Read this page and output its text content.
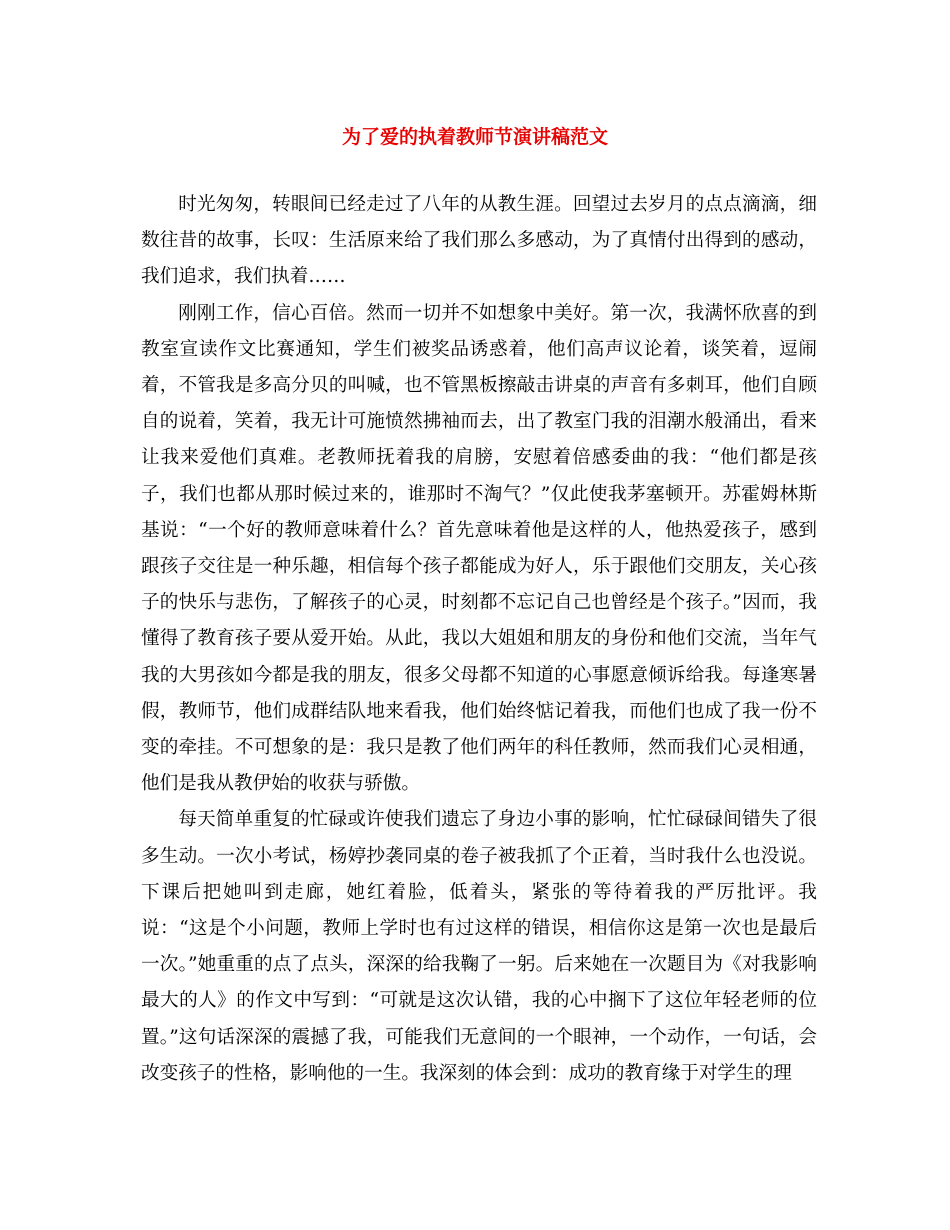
为了爱的执着教师节演讲稿范文

时光匆匆，转眼间已经走过了八年的从教生涯。回望过去岁月的点点滴滴，细数往昔的故事，长叹：生活原来给了我们那么多感动，为了真情付出得到的感动，我们追求，我们执着……

刚刚工作，信心百倍。然而一切并不如想象中美好。第一次，我满怀欣喜的到教室宣读作文比赛通知，学生们被奖品诱惑着，他们高声议论着，谈笑着，逗闹着，不管我是多高分贝的叫喊，也不管黑板擦敲击讲桌的声音有多刺耳，他们自顾自的说着，笑着，我无计可施愤然拂袖而去，出了教室门我的泪潮水般涌出，看来让我来爱他们真难。老教师抚着我的肩膀，安慰着倍感委曲的我：“他们都是孩子，我们也都从那时候过来的，谁那时不淘气？”仅此使我茅塞顿开。苏霍姆林斯基说：“一个好的教师意味着什么？首先意味着他是这样的人，他热爱孩子，感到跟孩子交往是一种乐趣，相信每个孩子都能成为好人，乐于跟他们交朋友，关心孩子的快乐与悲伤，了解孩子的心灵，时刻都不忘记自己也曾经是个孩子。”因而，我懂得了教育孩子要从爱开始。从此，我以大姐姐和朋友的身份和他们交流，当年气我的大男孩如今都是我的朋友，很多父母都不知道的心事愿意倾诉给我。每逢寒暑假，教师节，他们成群结队地来看我，他们始终惦记着我，而他们也成了我一份不变的牵挂。不可想象的是：我只是教了他们两年的科任教师，然而我们心灵相通，他们是我从教伊始的收获与骄傲。

每天简单重复的忙碌或许使我们遗忘了身边小事的影响，忙忙碌碌间错失了很多生动。一次小考试，杨婷抄袭同桌的卷子被我抓了个正着，当时我什么也没说。下课后把她叫到走廊，她红着脸，低着头，紧张的等待着我的严厉批评。我说：“这是个小问题，教师上学时也有过这样的错误，相信你这是第一次也是最后一次。”她重重的点了点头，深深的给我鞠了一躬。后来她在一次题目为《对我影响最大的人》的作文中写到：“可就是这次认错，我的心中搁下了这位年轻老师的位置。”这句话深深的震撼了我，可能我们无意间的一个眼神，一个动作，一句话，会改变孩子的性格，影响他的一生。我深刻的体会到：成功的教育缘于对学生的理
